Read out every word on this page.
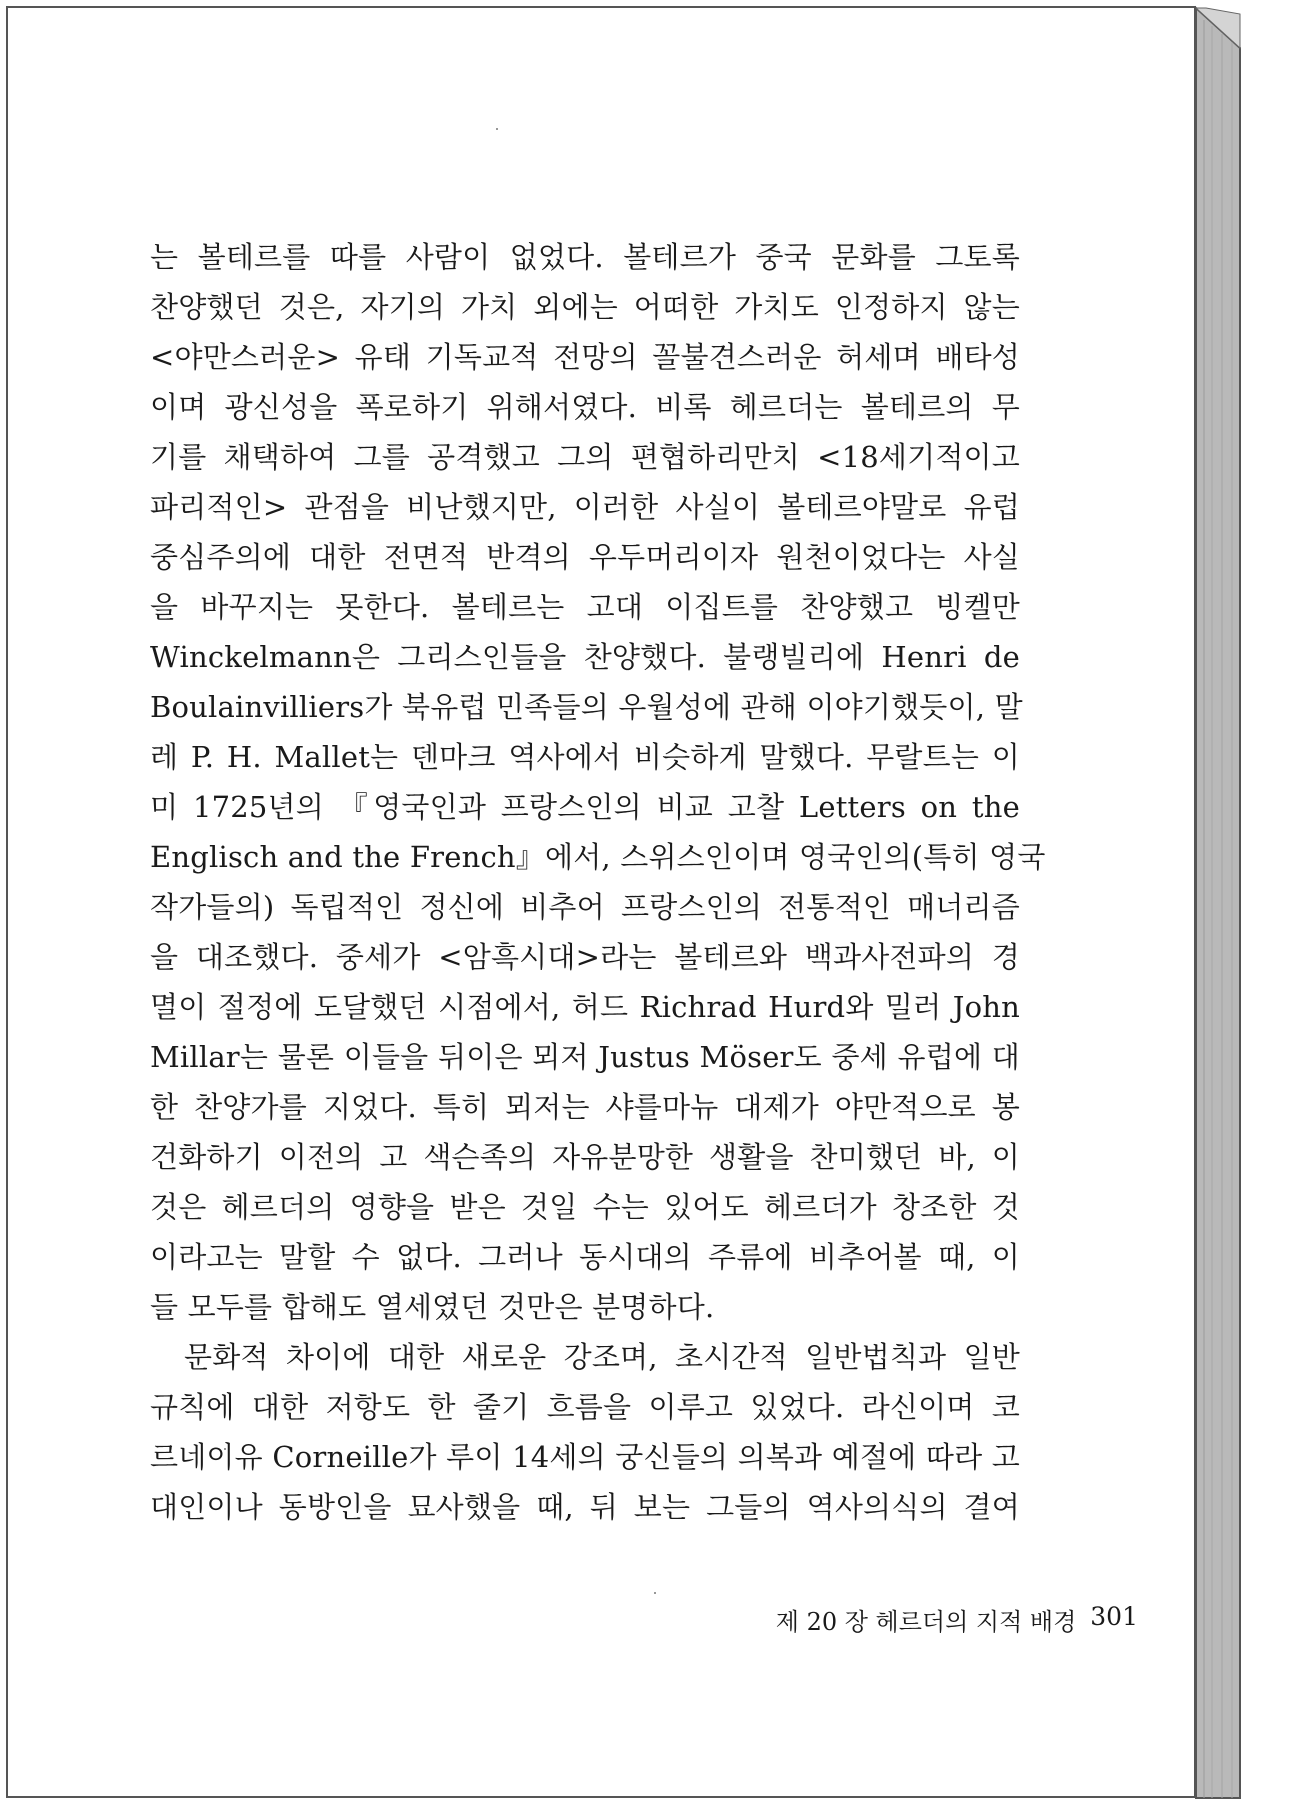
는 볼테르를 따를 사람이 없었다. 볼테르가 중국 문화를 그토록

찬양했던 것은, 자기의 가치 외에는 어떠한 가치도 인정하지 않는

<야만스러운> 유태 기독교적 전망의 꼴불견스러운 허세며 배타성

이며 광신성을 폭로하기 위해서였다. 비록 헤르더는 볼테르의 무

기를 채택하여 그를 공격했고 그의 편협하리만치 <18세기적이고

파리적인> 관점을 비난했지만, 이러한 사실이 볼테르야말로 유럽

중심주의에 대한 전면적 반격의 우두머리이자 원천이었다는 사실

을 바꾸지는 못한다. 볼테르는 고대 이집트를 찬양했고 빙켈만

Winckelmann은 그리스인들을 찬양했다. 불랭빌리에 Henri de

Boulainvilliers가 북유럽 민족들의 우월성에 관해 이야기했듯이, 말

레 P. H. Mallet는 덴마크 역사에서 비슷하게 말했다. 무랄트는 이

미 1725년의 『영국인과 프랑스인의 비교 고찰 Letters on the

Englisch and the French』에서, 스위스인이며 영국인의(특히 영국

작가들의) 독립적인 정신에 비추어 프랑스인의 전통적인 매너리즘

을 대조했다. 중세가 <암흑시대>라는 볼테르와 백과사전파의 경

멸이 절정에 도달했던 시점에서, 허드 Richrad Hurd와 밀러 John

Millar는 물론 이들을 뒤이은 뫼저 Justus Möser도 중세 유럽에 대

한 찬양가를 지었다. 특히 뫼저는 샤를마뉴 대제가 야만적으로 봉

건화하기 이전의 고 색슨족의 자유분망한 생활을 찬미했던 바, 이

것은 헤르더의 영향을 받은 것일 수는 있어도 헤르더가 창조한 것

이라고는 말할 수 없다. 그러나 동시대의 주류에 비추어볼 때, 이

들 모두를 합해도 열세였던 것만은 분명하다.

문화적 차이에 대한 새로운 강조며, 초시간적 일반법칙과 일반

규칙에 대한 저항도 한 줄기 흐름을 이루고 있었다. 라신이며 코

르네이유 Corneille가 루이 14세의 궁신들의 의복과 예절에 따라 고

대인이나 동방인을 묘사했을 때, 뒤 보는 그들의 역사의식의 결여

제 20 장 헤르더의 지적 배경 301
